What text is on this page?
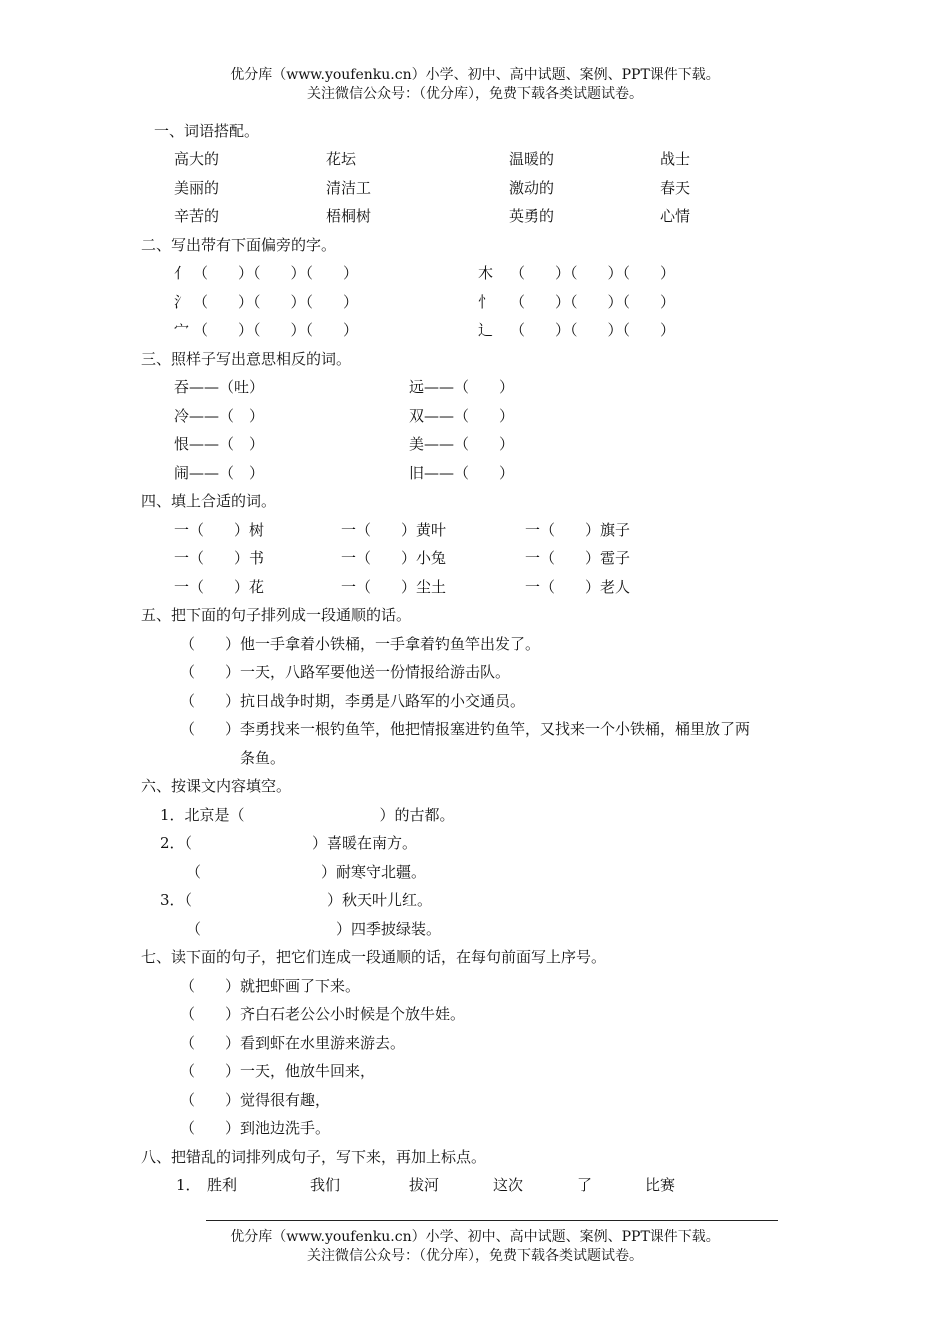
优分库（www.youfenku.cn）小学、初中、高中试题、案例、PPT课件下载。
关注微信公众号：（优分库），免费下载各类试题试卷。
一、词语搭配。
高大的	花坛	温暖的	战士
美丽的	清洁工	激动的	春天
辛苦的	梧桐树	英勇的	心情
二、写出带有下面偏旁的字。
亻 （　　）（　　）（　　）	木 （　　）（　　）（　　）
氵 （　　）（　　）（　　）	忄 （　　）（　　）（　　）
宀 （　　）（　　）（　　）	辶 （　　）（　　）（　　）
三、照样子写出意思相反的词。
吞——（吐）	远——（　　）
冷——（　）	双——（　　）
恨——（　）	美——（　　）
闹——（　）	旧——（　　）
四、填上合适的词。
一（　　）树	一（　　）黄叶	一（　　）旗子
一（　　）书	一（　　）小兔	一（　　）雹子
一（　　）花	一（　　）尘土	一（　　）老人
五、把下面的句子排列成一段通顺的话。
（　　）他一手拿着小铁桶，一手拿着钓鱼竿出发了。
（　　）一天，八路军要他送一份情报给游击队。
（　　）抗日战争时期，李勇是八路军的小交通员。
（　　）李勇找来一根钓鱼竿，他把情报塞进钓鱼竿，又找来一个小铁桶，桶里放了两
条鱼。
六、按课文内容填空。
1．北京是（　　　　　　　　　）的古都。
2．（　　　　　　　　）喜暖在南方。
（　　　　　　　　）耐寒守北疆。
3．（　　　　　　　　　）秋天叶儿红。
（　　　　　　　　　）四季披绿装。
七、读下面的句子，把它们连成一段通顺的话，在每句前面写上序号。
（　　）就把虾画了下来。
（　　）齐白石老公公小时候是个放牛娃。
（　　）看到虾在水里游来游去。
（　　）一天，他放牛回来，
（　　）觉得很有趣，
（　　）到池边洗手。
八、把错乱的词排列成句子，写下来，再加上标点。
1． 胜利	我们	拔河	这次	了	比赛
优分库（www.youfenku.cn）小学、初中、高中试题、案例、PPT课件下载。
关注微信公众号：（优分库），免费下载各类试题试卷。
